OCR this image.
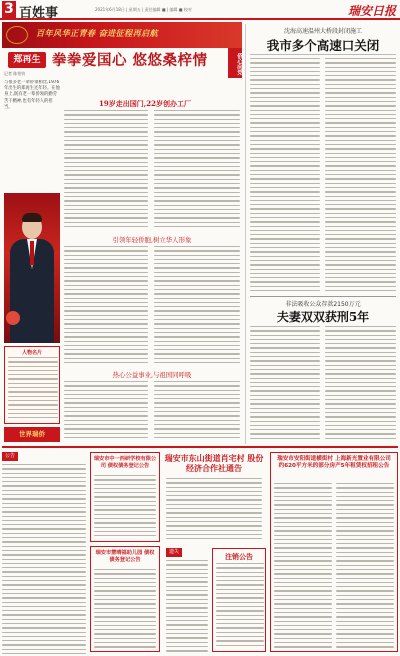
3 百姓事	2021年6月18日 | 星期五 | 责任编辑 ■ | 编辑 ■ 校对	瑞安日报
百年风华正青春 奋进征程再启航
郑再生 拳拳爱国心 悠悠桑梓情	侨心向党
19岁走出国门,22岁创办工厂
记者 陈怡钧
与很多老一辈侨领相比,1976年出生的郑再生还年轻。在他身上,既有老一辈侨领的勤劳苦干精神,也有年轻人的担当。
人物名片
世界瑞侨
引领年轻侨胞,树立华人形象
热心公益事业,与祖国同呼吸
沈海高速温州大桥段封闭施工
我市多个高速口关闭
非法吸收公众存款2150万元
夫妻双双获刑5年
公告	瑞安市中一西研学校有限公司 债权债务登记公告
瑞安市慧晴福助儿园 债权债务登记公告
瑞安市东山街道肖宅村 股份经济合作社通告
遗失
注销公告
瑞安市安阳街道横街村 上海新光置业有限公司 约620平方米的部分房产5年租赁权招租公告
